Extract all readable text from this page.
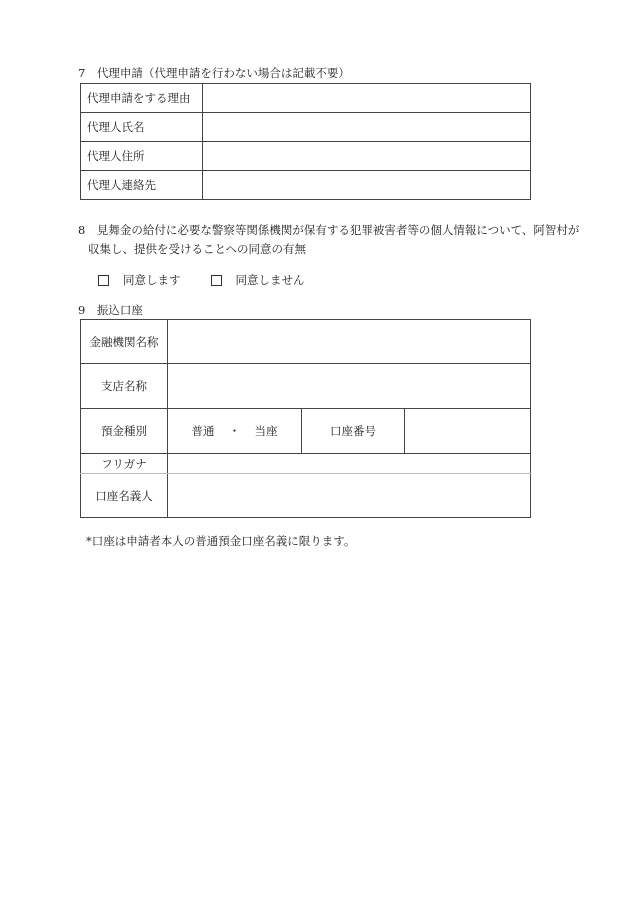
7　代理申請（代理申請を行わない場合は記載不要）
代理申請をする理由	
代理人氏名	
代理人住所	
代理人連絡先	
8　見舞金の給付に必要な警察等関係機関が保有する犯罪被害者等の個人情報について、阿智村が
収集し、提供を受けることへの同意の有無
同意します	同意しません
9　振込口座
金融機関名称			
支店名称			
預金種別	普通 ・ 当座	口座番号	
フリガナ			
口座名義人			
*口座は申請者本人の普通預金口座名義に限ります。
